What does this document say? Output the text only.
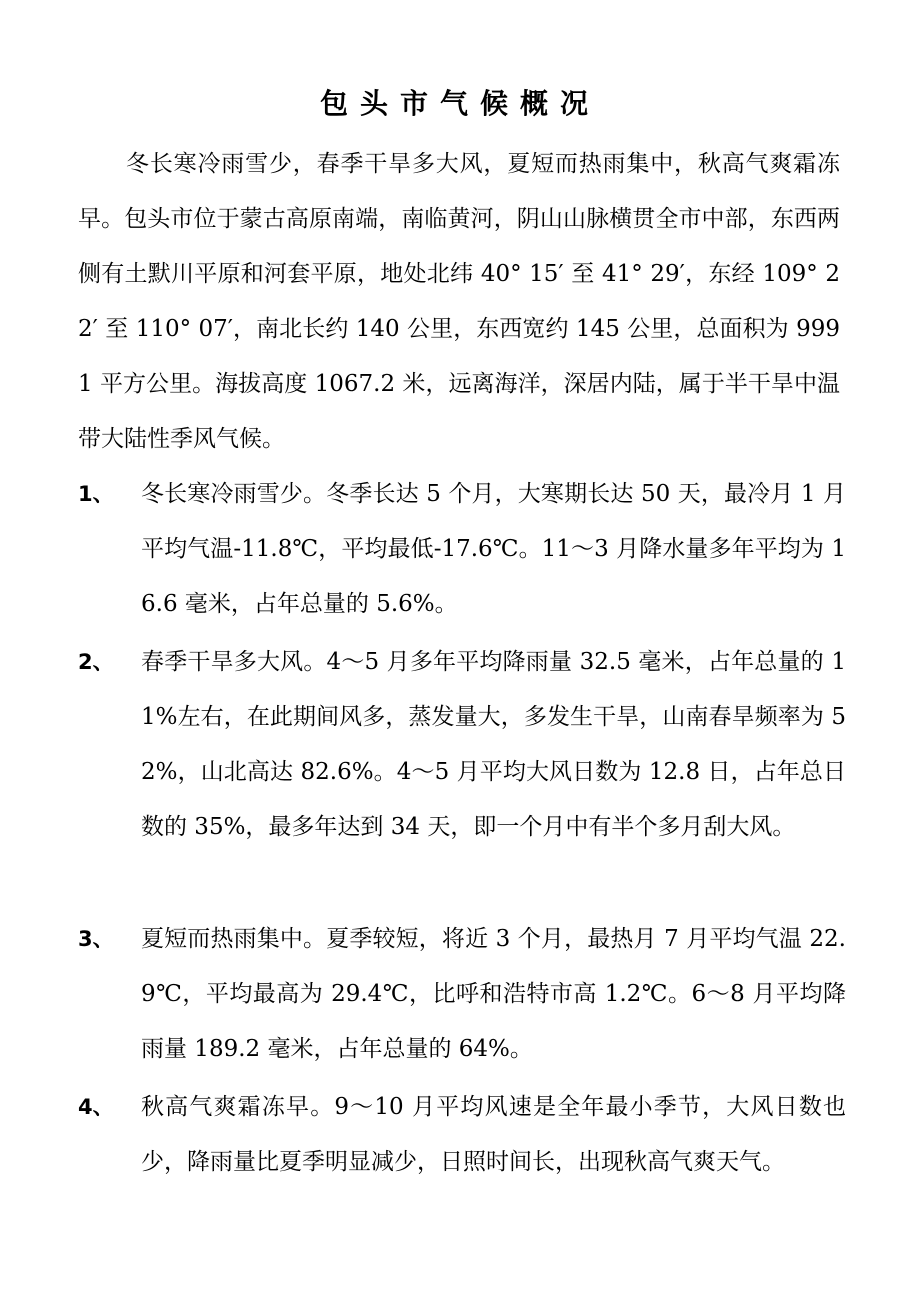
包头市气候概况

冬长寒冷雨雪少，春季干旱多大风，夏短而热雨集中，秋高气爽霜冻早。包头市位于蒙古高原南端，南临黄河，阴山山脉横贯全市中部，东西两侧有土默川平原和河套平原，地处北纬 40° 15′ 至 41° 29′，东经 109° 22′ 至 110° 07′，南北长约 140 公里，东西宽约 145 公里，总面积为 9991 平方公里。海拔高度 1067.2 米，远离海洋，深居内陆，属于半干旱中温带大陆性季风气候。

1、 冬长寒冷雨雪少。冬季长达 5 个月，大寒期长达 50 天，最冷月 1 月平均气温-11.8℃，平均最低-17.6℃。11～3 月降水量多年平均为 16.6 毫米，占年总量的 5.6%。

2、 春季干旱多大风。4～5 月多年平均降雨量 32.5 毫米，占年总量的 11%左右，在此期间风多，蒸发量大，多发生干旱，山南春旱频率为 52%，山北高达 82.6%。4～5 月平均大风日数为 12.8 日，占年总日数的 35%，最多年达到 34 天，即一个月中有半个多月刮大风。

3、 夏短而热雨集中。夏季较短，将近 3 个月，最热月 7 月平均气温 22.9℃，平均最高为 29.4℃，比呼和浩特市高 1.2℃。6～8 月平均降雨量 189.2 毫米，占年总量的 64%。

4、 秋高气爽霜冻早。9～10 月平均风速是全年最小季节，大风日数也少，降雨量比夏季明显减少，日照时间长，出现秋高气爽天气。
